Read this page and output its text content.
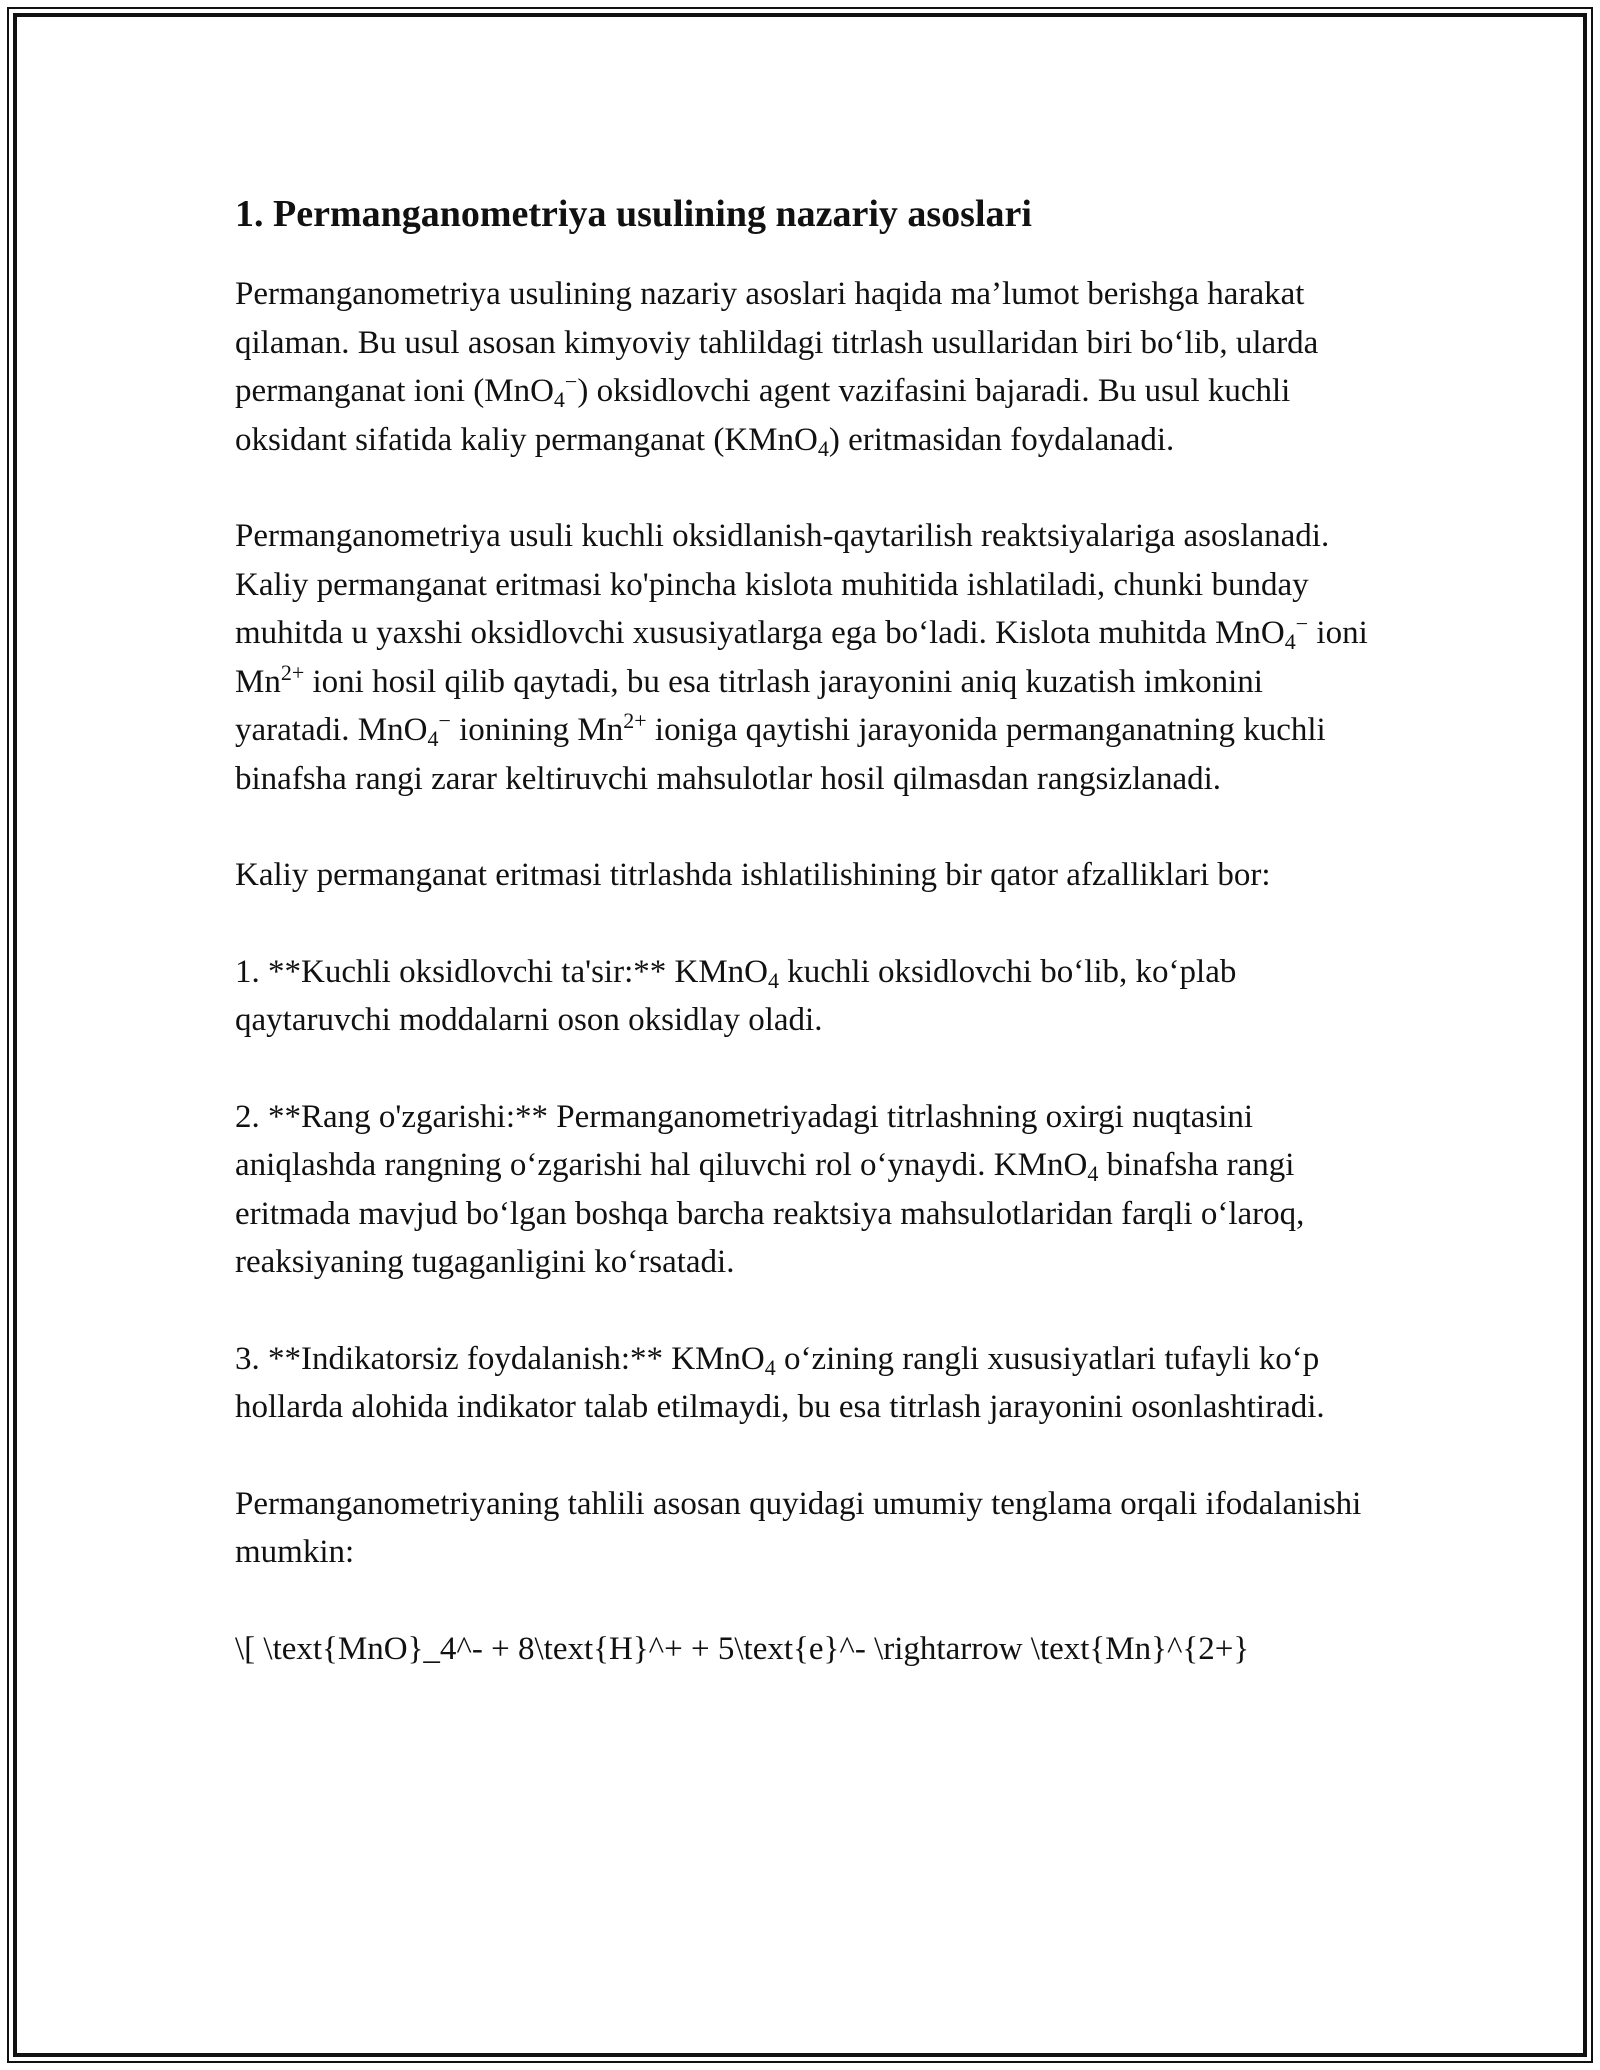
1. Permanganometriya usulining nazariy asoslari

Permanganometriya usulining nazariy asoslari haqida ma’lumot berishga harakat qilaman. Bu usul asosan kimyoviy tahlildagi titrlash usullaridan biri bo‘lib, ularda permanganat ioni (MnO$_4$−) oksidlovchi agent vazifasini bajaradi. Bu usul kuchli oksidant sifatida kaliy permanganat (KMnO$_4$) eritmasidan foydalanadi.

Permanganometriya usuli kuchli oksidlanish-qaytarilish reaktsiyalariga asoslanadi. Kaliy permanganat eritmasi ko'pincha kislota muhitida ishlatiladi, chunki bunday muhitda u yaxshi oksidlovchi xususiyatlarga ega bo‘ladi. Kislota muhitda MnO$_4$− ioni $Mn^{2+}$ ioni hosil qilib qaytadi, bu esa titrlash jarayonini aniq kuzatish imkonini yaratadi. MnO$_4$− ionining $Mn^{2+}$ ioniga qaytishi jarayonida permanganatning kuchli binafsha rangi zarar keltiruvchi mahsulotlar hosil qilmasdan rangsizlanadi.

Kaliy permanganat eritmasi titrlashda ishlatilishining bir qator afzalliklari bor:

1. **Kuchli oksidlovchi ta'sir:** KMnO$_4$ kuchli oksidlovchi bo‘lib, ko‘plab qaytaruvchi moddalarni oson oksidlay oladi.

2. **Rang o'zgarishi:** Permanganometriyadagi titrlashning oxirgi nuqtasini aniqlashda rangning o‘zgarishi hal qiluvchi rol o‘ynaydi. KMnO$_4$ binafsha rangi eritmada mavjud bo‘lgan boshqa barcha reaktsiya mahsulotlaridan farqli o‘laroq, reaksiyaning tugaganligini ko‘rsatadi.

3. **Indikatorsiz foydalanish:** KMnO$_4$ o‘zining rangli xususiyatlari tufayli ko‘p hollarda alohida indikator talab etilmaydi, bu esa titrlash jarayonini osonlashtiradi.

Permanganometriyaning tahlili asosan quyidagi umumiy tenglama orqali ifodalanishi mumkin:

\[ \text{MnO}_4^- + 8\text{H}^+ + 5\text{e}^- \rightarrow \text{Mn}^{2+}
